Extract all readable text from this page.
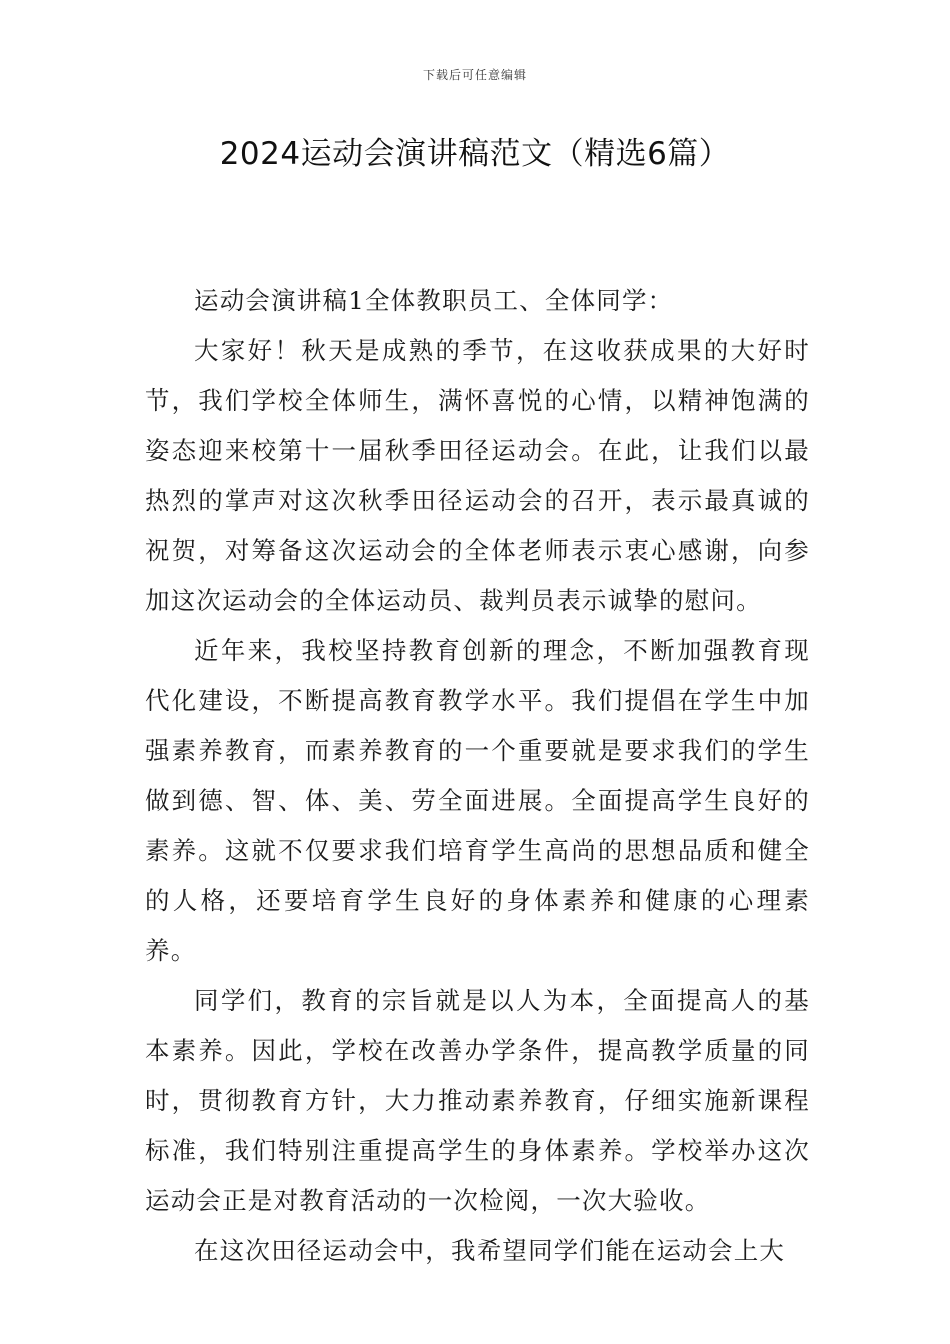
下载后可任意编辑
2024运动会演讲稿范文（精选6篇）

运动会演讲稿1全体教职员工、全体同学：

大家好！秋天是成熟的季节，在这收获成果的大好时节，我们学校全体师生，满怀喜悦的心情，以精神饱满的姿态迎来校第十一届秋季田径运动会。在此，让我们以最热烈的掌声对这次秋季田径运动会的召开，表示最真诚的祝贺，对筹备这次运动会的全体老师表示衷心感谢，向参加这次运动会的全体运动员、裁判员表示诚挚的慰问。

近年来，我校坚持教育创新的理念，不断加强教育现代化建设，不断提高教育教学水平。我们提倡在学生中加强素养教育，而素养教育的一个重要就是要求我们的学生做到德、智、体、美、劳全面进展。全面提高学生良好的素养。这就不仅要求我们培育学生高尚的思想品质和健全的人格，还要培育学生良好的身体素养和健康的心理素养。

同学们，教育的宗旨就是以人为本，全面提高人的基本素养。因此，学校在改善办学条件，提高教学质量的同时，贯彻教育方针，大力推动素养教育，仔细实施新课程标准，我们特别注重提高学生的身体素养。学校举办这次运动会正是对教育活动的一次检阅，一次大验收。

在这次田径运动会中，我希望同学们能在运动会上大
